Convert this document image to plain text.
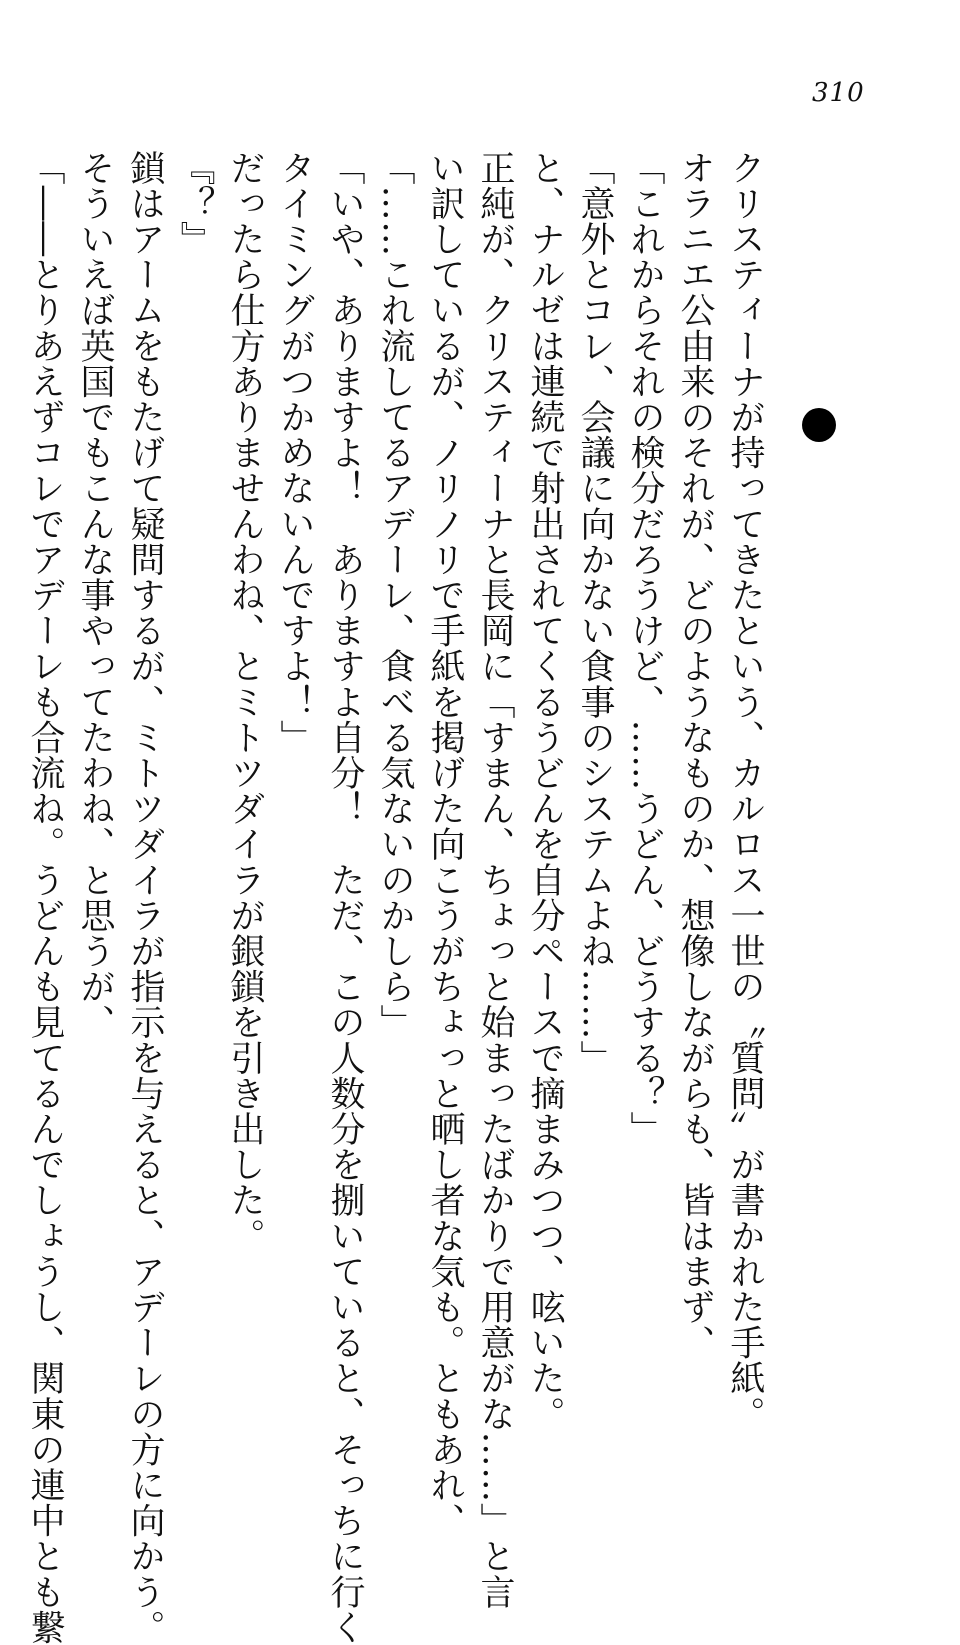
310
クリスティーナが持ってきたという、カルロス一世の〝質問〟が書かれた手紙。
オラニエ公由来のそれが、どのようなものか、想像しながらも、皆はまず、
「これからそれの検分だろうけど、……うどん、どうする？」
「意外とコレ、会議に向かない食事のシステムよね……」
と、ナルゼは連続で射出されてくるうどんを自分ペースで摘まみつつ、呟いた。
正純が、クリスティーナと長岡に「すまん、ちょっと始まったばかりで用意がな……」と言
い訳しているが、ノリノリで手紙を掲げた向こうがちょっと晒し者な気も。ともあれ、
「……これ流してるアデーレ、食べる気ないのかしら」
「いや、ありますよ！　ありますよ自分！　ただ、この人数分を捌いていると、そっちに行く
タイミングがつかめないんですよ！」
だったら仕方ありませんわね、とミトツダイラが銀鎖を引き出した。
『？』
鎖はアームをもたげて疑問するが、ミトツダイラが指示を与えると、アデーレの方に向かう。
そういえば英国でもこんな事やってたわね、と思うが、
「――とりあえずコレでアデーレも合流ね。うどんも見てるんでしょうし、関東の連中とも繋
